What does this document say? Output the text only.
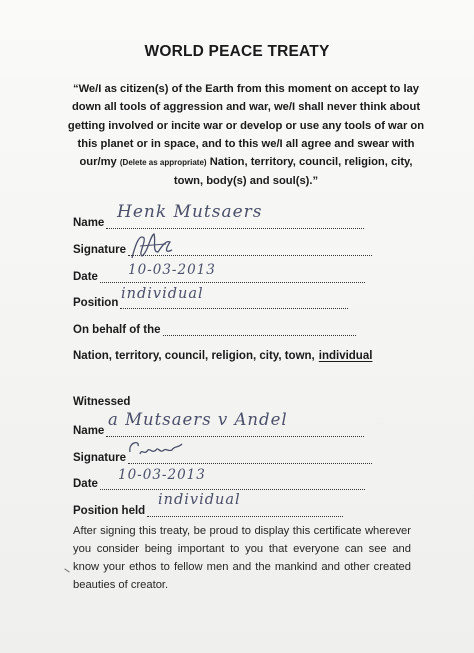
WORLD PEACE TREATY
“We/I as citizen(s) of the Earth from this moment on accept to lay
down all tools of aggression and war, we/I shall never think about
getting involved or incite war or develop or use any tools of war on
this planet or in space, and to this we/I all agree and swear with
our/my (Delete as appropriate) Nation, territory, council, religion, city,
town, body(s) and soul(s).”
Name
Henk Mutsaers
Signature
Date 10-03-2013
Position
individual
On behalf of the
Nation, territory, council, religion, city, town, individual
Witnessed
Name
a Mutsaers v Andel
Signature
Date
10-03-2013
Position held
individual
After signing this treaty, be proud to display this certificate wherever you consider being important to you that everyone can see and know your ethos to fellow men and the mankind and other created beauties of creator.
